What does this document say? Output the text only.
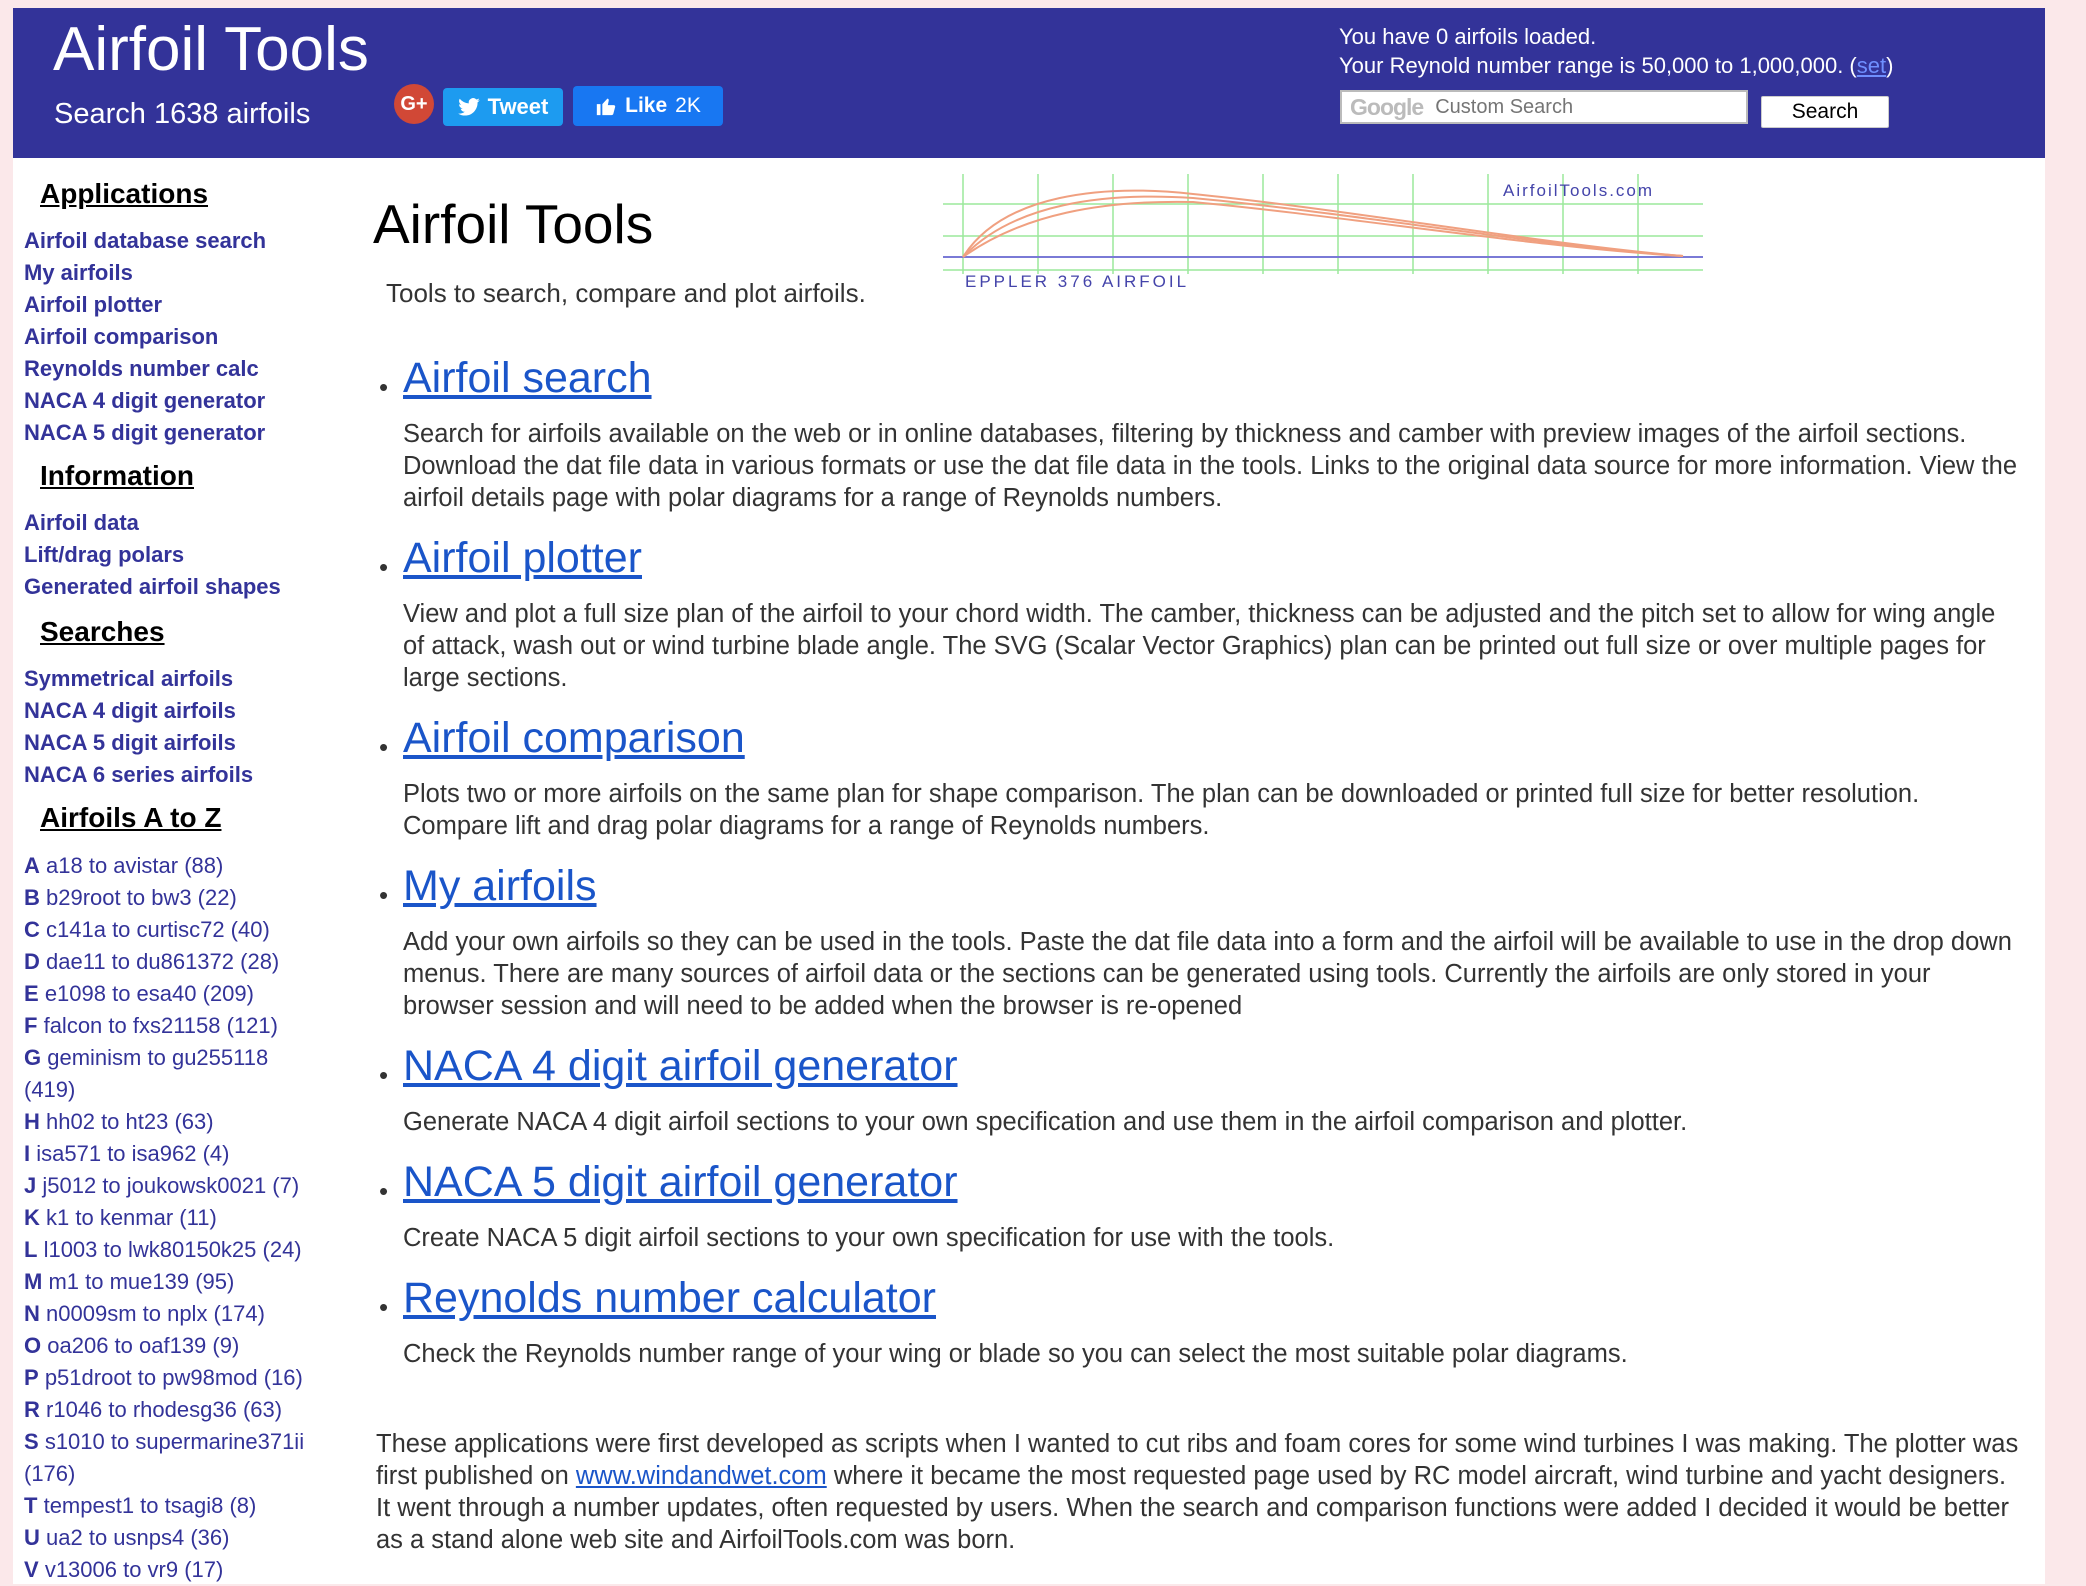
Airfoil Tools
Search 1638 airfoils	G+	Tweet	Like 2K
You have 0 airfoils loaded.
Your Reynold number range is 50,000 to 1,000,000. (set)
Google
Custom Search	Search
Applications
Airfoil database search
My airfoils
Airfoil plotter
Airfoil comparison
Reynolds number calc
NACA 4 digit generator
NACA 5 digit generator
Information
Airfoil data
Lift/drag polars
Generated airfoil shapes
Searches
Symmetrical airfoils
NACA 4 digit airfoils
NACA 5 digit airfoils
NACA 6 series airfoils
Airfoils A to Z
A a18 to avistar (88)
B b29root to bw3 (22)
C c141a to curtisc72 (40)
D dae11 to du861372 (28)
E e1098 to esa40 (209)
F falcon to fxs21158 (121)
G geminism to gu255118 (419)
H hh02 to ht23 (63)
I isa571 to isa962 (4)
J j5012 to joukowsk0021 (7)
K k1 to kenmar (11)
L l1003 to lwk80150k25 (24)
M m1 to mue139 (95)
N n0009sm to nplx (174)
O oa206 to oaf139 (9)
P p51droot to pw98mod (16)
R r1046 to rhodesg36 (63)
S s1010 to supermarine371ii (176)
T tempest1 to tsagi8 (8)
U ua2 to usnps4 (36)
V v13006 to vr9 (17)
Airfoil Tools
Tools to search, compare and plot airfoils.
AirfoilTools.com
EPPLER 376 AIRFOIL
• Airfoil search
Search for airfoils available on the web or in online databases, filtering by thickness and camber with preview images of the airfoil sections. Download the dat file data in various formats or use the dat file data in the tools. Links to the original data source for more information. View the airfoil details page with polar diagrams for a range of Reynolds numbers.
• Airfoil plotter
View and plot a full size plan of the airfoil to your chord width. The camber, thickness can be adjusted and the pitch set to allow for wing angle of attack, wash out or wind turbine blade angle. The SVG (Scalar Vector Graphics) plan can be printed out full size or over multiple pages for large sections.
• Airfoil comparison
Plots two or more airfoils on the same plan for shape comparison. The plan can be downloaded or printed full size for better resolution. Compare lift and drag polar diagrams for a range of Reynolds numbers.
• My airfoils
Add your own airfoils so they can be used in the tools. Paste the dat file data into a form and the airfoil will be available to use in the drop down menus. There are many sources of airfoil data or the sections can be generated using tools. Currently the airfoils are only stored in your browser session and will need to be added when the browser is re-opened
• NACA 4 digit airfoil generator
Generate NACA 4 digit airfoil sections to your own specification and use them in the airfoil comparison and plotter.
• NACA 5 digit airfoil generator
Create NACA 5 digit airfoil sections to your own specification for use with the tools.
• Reynolds number calculator
Check the Reynolds number range of your wing or blade so you can select the most suitable polar diagrams.
These applications were first developed as scripts when I wanted to cut ribs and foam cores for some wind turbines I was making. The plotter was first published on www.windandwet.com where it became the most requested page used by RC model aircraft, wind turbine and yacht designers. It went through a number updates, often requested by users. When the search and comparison functions were added I decided it would be better as a stand alone web site and AirfoilTools.com was born.
